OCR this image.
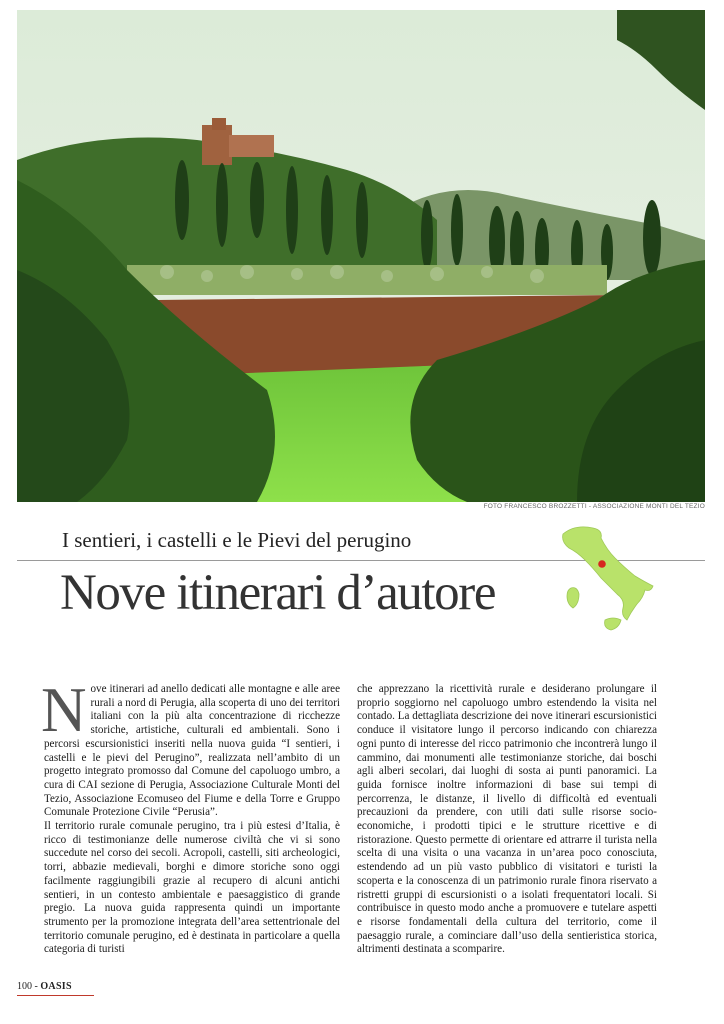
FOTO FRANCESCO BROZZETTI - ASSOCIAZIONE MONTI DEL TEZIO
I sentieri, i castelli e le Pievi del perugino
Nove itinerari d’autore
N ove itinerari ad anello dedicati alle montagne e alle aree rurali a nord di Perugia, alla scoperta di uno dei territori italiani con la più alta concentrazione di ricchezze storiche, artistiche, culturali ed ambientali. Sono i percorsi escursionistici inseriti nella nuova guida “I sentieri, i castelli e le pievi del Perugino”, realizzata nell’ambito di un progetto integrato promosso dal Comune del capoluogo umbro, a cura di CAI sezione di Perugia, Associazione Culturale Monti del Tezio, Associazione Ecomuseo del Fiume e della Torre e Gruppo Comunale Protezione Civile “Perusia”.

Il territorio rurale comunale perugino, tra i più estesi d’Italia, è ricco di testimonianze delle numerose civiltà che vi si sono succedute nel corso dei secoli. Acropoli, castelli, siti archeologici, torri, abbazie medievali, borghi e dimore storiche sono oggi facilmente raggiungibili grazie al recupero di alcuni antichi sentieri, in un contesto ambientale e paesaggistico di grande pregio. La nuova guida rappresenta quindi un importante strumento per la promozione integrata dell’area settentrionale del territorio comunale perugino, ed è destinata in particolare a quella categoria di turisti

che apprezzano la ricettività rurale e desiderano prolungare il proprio soggiorno nel capoluogo umbro estendendo la visita nel contado. La dettagliata descrizione dei nove itinerari escursionistici conduce il visitatore lungo il percorso indicando con chiarezza ogni punto di interesse del ricco patrimonio che incontrerà lungo il cammino, dai monumenti alle testimonianze storiche, dai boschi agli alberi secolari, dai luoghi di sosta ai punti panoramici. La guida fornisce inoltre informazioni di base sui tempi di percorrenza, le distanze, il livello di difficoltà ed eventuali precauzioni da prendere, con utili dati sulle risorse socio-economiche, i prodotti tipici e le strutture ricettive e di ristorazione. Questo permette di orientare ed attrarre il turista nella scelta di una visita o una vacanza in un’area poco conosciuta, estendendo ad un più vasto pubblico di visitatori e turisti la scoperta e la conoscenza di un patrimonio rurale finora riservato a ristretti gruppi di escursionisti o a isolati frequentatori locali. Si contribuisce in questo modo anche a promuovere e tutelare aspetti e risorse fondamentali della cultura del territorio, come il paesaggio rurale, a cominciare dall’uso della sentieristica storica, altrimenti destinata a scomparire.

100 - OASIS
